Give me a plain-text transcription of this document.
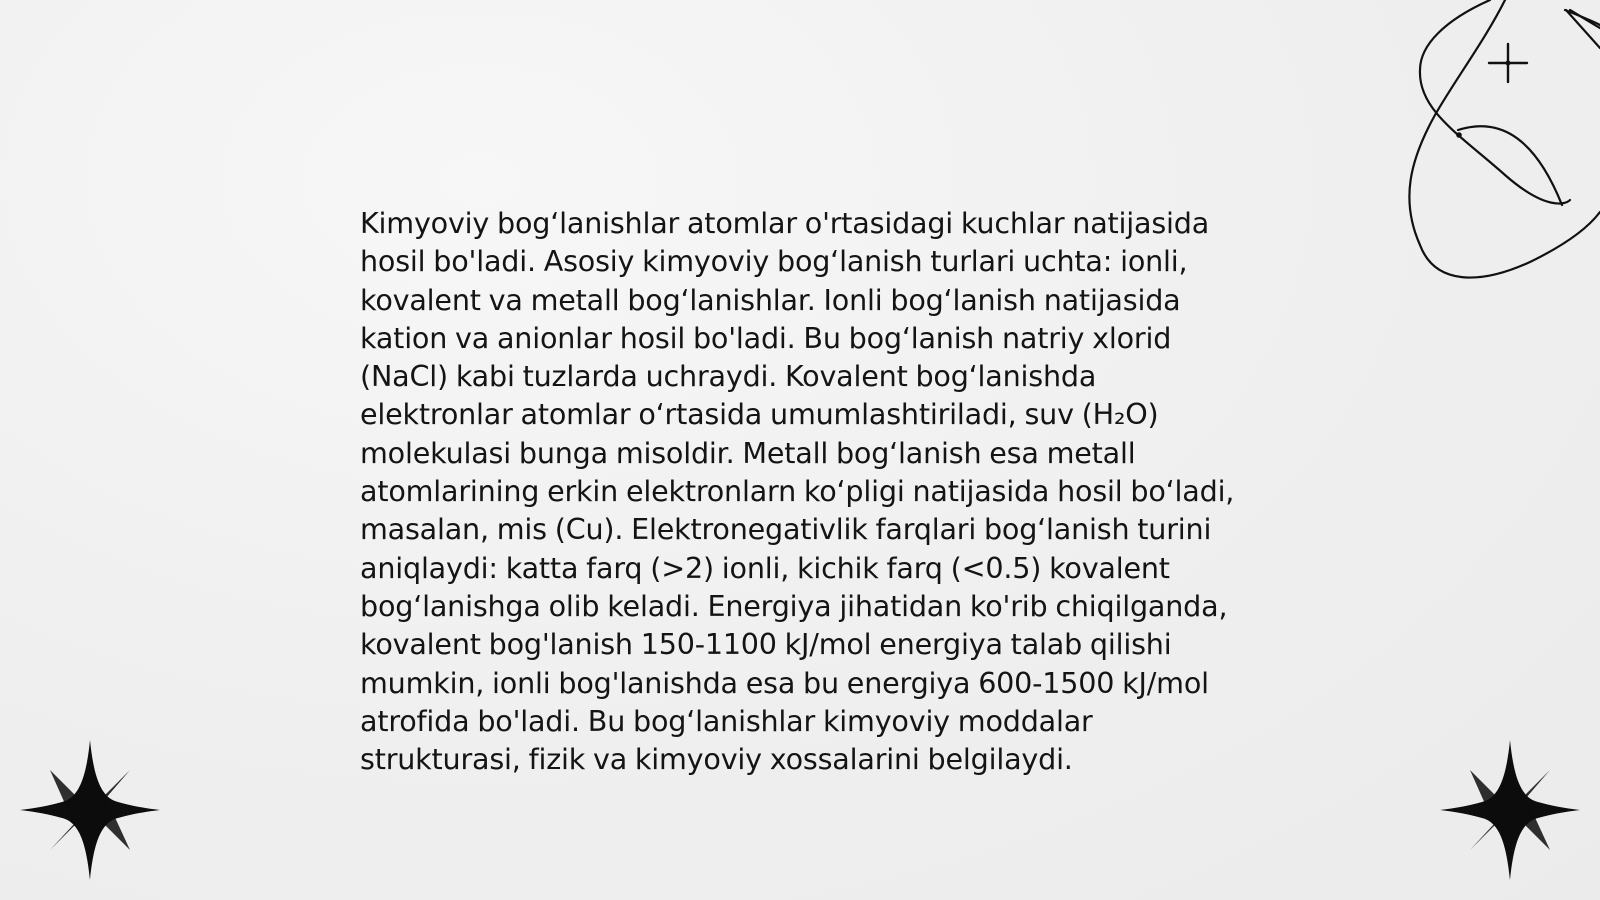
Kimyoviy bog‘lanishlar atomlar o'rtasidagi kuchlar natijasida hosil bo'ladi. Asosiy kimyoviy bog‘lanish turlari uchta: ionli, kovalent va metall bog‘lanishlar. Ionli bog‘lanish natijasida kation va anionlar hosil bo'ladi. Bu bog‘lanish natriy xlorid (NaCl) kabi tuzlarda uchraydi. Kovalent bog‘lanishda elektronlar atomlar o‘rtasida umumlashtiriladi, suv (H₂O) molekulasi bunga misoldir. Metall bog‘lanish esa metall atomlarining erkin elektronlarn ko‘pligi natijasida hosil bo‘ladi, masalan, mis (Cu). Elektronegativlik farqlari bog‘lanish turini aniqlaydi: katta farq (>2) ionli, kichik farq (<0.5) kovalent bog‘lanishga olib keladi. Energiya jihatidan ko'rib chiqilganda, kovalent bog'lanish 150-1100 kJ/mol energiya talab qilishi mumkin, ionli bog'lanishda esa bu energiya 600-1500 kJ/mol atrofida bo'ladi. Bu bog‘lanishlar kimyoviy moddalar strukturasi, fizik va kimyoviy xossalarini belgilaydi.
